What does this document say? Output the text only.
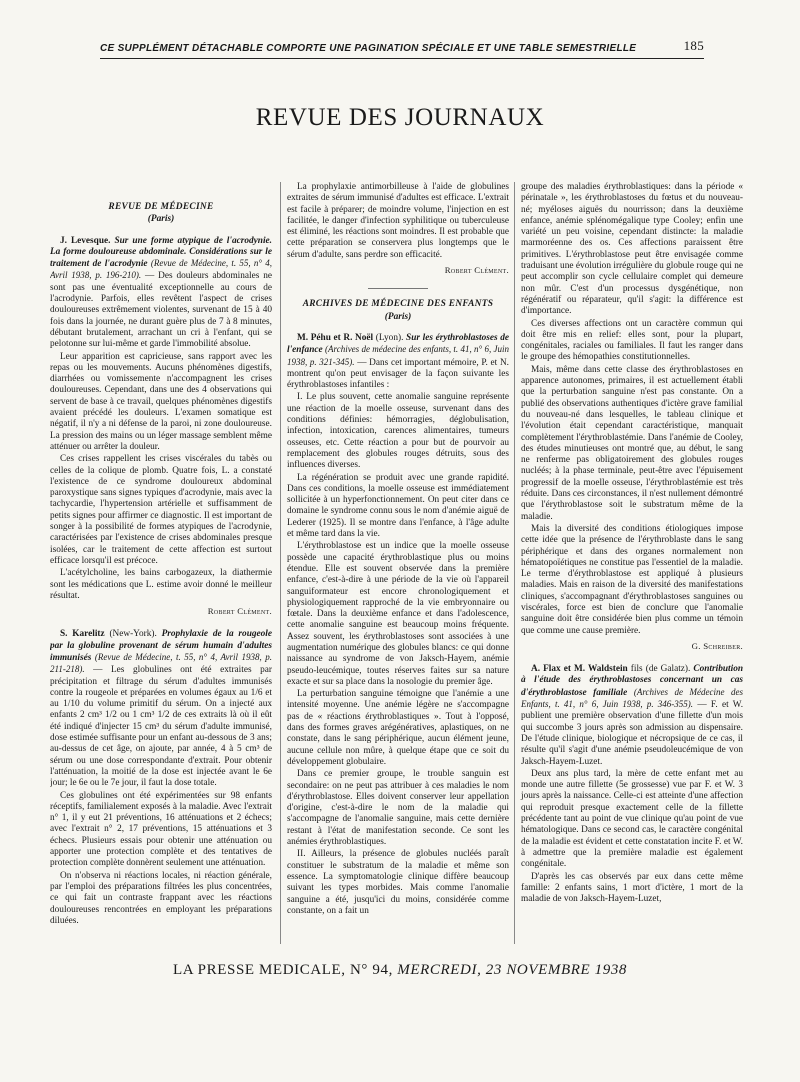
CE SUPPLÉMENT DÉTACHABLE COMPORTE UNE PAGINATION SPÉCIALE ET UNE TABLE SEMESTRIELLE	185
REVUE DES JOURNAUX
REVUE DE MÉDECINE
(Paris)

J. Levesque. Sur une forme atypique de l'acrodynie. La forme douloureuse abdominale. Considérations sur le traitement de l'acrodynie (Revue de Médecine, t. 55, n° 4, Avril 1938, p. 196-210). — Des douleurs abdominales ne sont pas une éventualité exceptionnelle au cours de l'acrodynie. Parfois, elles revêtent l'aspect de crises douloureuses extrêmement violentes, survenant de 15 à 40 fois dans la journée, ne durant guère plus de 7 à 8 minutes, débutant brutalement, arrachant un cri à l'enfant, qui se pelotonne sur lui-même et garde l'immobilité absolue.

Leur apparition est capricieuse, sans rapport avec les repas ou les mouvements. Aucuns phénomènes digestifs, diarrhées ou vomissemente n'accompagnent les crises douloureuses. Cependant, dans une des 4 observations qui servent de base à ce travail, quelques phénomènes digestifs avaient précédé les douleurs. L'examen somatique est négatif, il n'y a ni défense de la paroi, ni zone douloureuse. La pression des mains ou un léger massage semblent même atténuer ou arrêter la douleur.

Ces crises rappellent les crises viscérales du tabès ou celles de la colique de plomb. Quatre fois, L. a constaté l'existence de ce syndrome douloureux abdominal paroxystique sans signes typiques d'acrodynie, mais avec la tachycardie, l'hypertension artérielle et suffisamment de petits signes pour affirmer ce diagnostic. Il est important de songer à la possibilité de formes atypiques de l'acrodynie, caractérisées par l'existence de crises abdominales presque isolées, car le traitement de cette affection est surtout efficace lorsqu'il est précoce.

L'acétylcholine, les bains carbogazeux, la diathermie sont les médications que L. estime avoir donné le meilleur résultat.

Robert Clément.

S. Karelitz (New-York). Prophylaxie de la rougeole par la globuline provenant de sérum humain d'adultes immunisés (Revue de Médecine, t. 55, n° 4, Avril 1938, p. 211-218). — Les globulines ont été extraites par précipitation et filtrage du sérum d'adultes immunisés contre la rougeole et préparées en volumes égaux au 1/6 et au 1/10 du volume primitif du sérum. On a injecté aux enfants 2 cm³ 1/2 ou 1 cm³ 1/2 de ces extraits là où il eût été indiqué d'injecter 15 cm³ du sérum d'adulte immunisé, dose estimée suffisante pour un enfant au-dessous de 3 ans; au-dessus de cet âge, on ajoute, par année, 4 à 5 cm³ de sérum ou une dose correspondante d'extrait. Pour obtenir l'atténuation, la moitié de la dose est injectée avant le 6e jour; le 6e ou le 7e jour, il faut la dose totale.

Ces globulines ont été expérimentées sur 98 enfants réceptifs, familialement exposés à la maladie. Avec l'extrait n° 1, il y eut 21 préventions, 16 atténuations et 2 échecs; avec l'extrait n° 2, 17 préventions, 15 atténuations et 3 échecs. Plusieurs essais pour obtenir une atténuation ou apporter une protection complète et des tentatives de protection complète donnèrent seulement une atténuation.

On n'observa ni réactions locales, ni réaction générale, par l'emploi des préparations filtrées les plus concentrées, ce qui fait un contraste frappant avec les réactions douloureuses rencontrées en employant les préparations diluées.

La prophylaxie antimorbilleuse à l'aide de globulines extraites de sérum immunisé d'adultes est efficace. L'extrait est facile à préparer; de moindre volume, l'injection en est facilitée, le danger d'infection syphilitique ou tuberculeuse est éliminé, les réactions sont moindres. Il est probable que cette préparation se conservera plus longtemps que le sérum d'adulte, sans perdre son efficacité.

Robert Clément.
ARCHIVES DE MÉDECINE DES ENFANTS
(Paris)

M. Péhu et R. Noël (Lyon). Sur les érythroblastoses de l'enfance (Archives de médecine des enfants, t. 41, n° 6, Juin 1938, p. 321-345). — Dans cet important mémoire, P. et N. montrent qu'on peut envisager de la façon suivante les érythroblastoses infantiles :

I. Le plus souvent, cette anomalie sanguine représente une réaction de la moelle osseuse, survenant dans des conditions définies: hémorragies, déglobulisation, infection, intoxication, carences alimentaires, tumeurs osseuses, etc. Cette réaction a pour but de pourvoir au remplacement des globules rouges détruits, sous des influences diverses.

La régénération se produit avec une grande rapidité. Dans ces conditions, la moelle osseuse est immédiatement sollicitée à un hyperfonctionnement. On peut citer dans ce domaine le syndrome connu sous le nom d'anémie aiguë de Lederer (1925). Il se montre dans l'enfance, à l'âge adulte et même tard dans la vie.

L'érythroblastose est un indice que la moelle osseuse possède une capacité érythroblastique plus ou moins étendue. Elle est souvent observée dans la première enfance, c'est-à-dire à une période de la vie où l'appareil sanguiformateur est encore chronologiquement et physiologiquement rapproché de la vie embryonnaire ou fœtale. Dans la deuxième enfance et dans l'adolescence, cette anomalie sanguine est beaucoup moins fréquente. Assez souvent, les érythroblastoses sont associées à une augmentation numérique des globules blancs: ce qui donne naissance au syndrome de von Jaksch-Hayem, anémie pseudo-leucémique, toutes réserves faites sur sa nature exacte et sur sa place dans la nosologie du premier âge.

La perturbation sanguine témoigne que l'anémie a une intensité moyenne. Une anémie légère ne s'accompagne pas de « réactions érythroblastiques ». Tout à l'opposé, dans des formes graves arégénératives, aplastiques, on ne constate, dans le sang périphérique, aucun élément jeune, aucune cellule non mûre, à quelque étape que ce soit du développement globulaire.

Dans ce premier groupe, le trouble sanguin est secondaire: on ne peut pas attribuer à ces maladies le nom d'érythroblastose. Elles doivent conserver leur appellation d'origine, c'est-à-dire le nom de la maladie qui s'accompagne de l'anomalie sanguine, mais cette dernière restant à l'état de manifestation seconde. Ce sont les anémies érythroblastiques.

II. Ailleurs, la présence de globules nucléés paraît constituer le substratum de la maladie et même son essence. La symptomatologie clinique diffère beaucoup suivant les types morbides. Mais comme l'anomalie sanguine a été, jusqu'ici du moins, considérée comme constante, on a fait un

groupe des maladies érythroblastiques: dans la période « périnatale », les érythroblastoses du fœtus et du nouveau-né; myéloses aiguës du nourrisson; dans la deuxième enfance, anémie splénomégalique type Cooley; enfin une variété un peu voisine, cependant distincte: la maladie marmoréenne des os. Ces affections paraissent être primitives. L'érythroblastose peut être envisagée comme traduisant une évolution irrégulière du globule rouge qui ne peut accomplir son cycle cellulaire complet qui demeure non mûr. C'est d'un processus dysgénétique, non régénératif ou réparateur, qu'il s'agit: la différence est d'importance.

Ces diverses affections ont un caractère commun qui doit être mis en relief: elles sont, pour la plupart, congénitales, raciales ou familiales. Il faut les ranger dans le groupe des hémopathies constitutionnelles.

Mais, même dans cette classe des érythroblastoses en apparence autonomes, primaires, il est actuellement établi que la perturbation sanguine n'est pas constante. On a publié des observations authentiques d'ictère grave familial du nouveau-né dans lesquelles, le tableau clinique et l'évolution était cependant caractéristique, manquait complètement l'érythroblastémie. Dans l'anémie de Cooley, des études minutieuses ont montré que, au début, le sang ne renferme pas obligatoirement des globules rouges nucléés; à la phase terminale, peut-être avec l'épuisement progressif de la moelle osseuse, l'érythroblastémie est très réduite. Dans ces circonstances, il n'est nullement démontré que l'érythroblastose soit le substratum même de la maladie.

Mais la diversité des conditions étiologiques impose cette idée que la présence de l'érythroblaste dans le sang périphérique et dans des organes normalement non hématopoïétiques ne constitue pas l'essentiel de la maladie. Le terme d'érythroblastose est appliqué à plusieurs maladies. Mais en raison de la diversité des manifestations cliniques, s'accompagnant d'érythroblastoses sanguines ou viscérales, force est bien de conclure que l'anomalie sanguine doit être considérée bien plus comme un témoin que comme une cause première.

G. Schreiber.

A. Flax et M. Waldstein fils (de Galatz). Contribution à l'étude des érythroblastoses concernant un cas d'érythroblastose familiale (Archives de Médecine des Enfants, t. 41, n° 6, Juin 1938, p. 346-355). — F. et W. publient une première observation d'une fillette d'un mois qui succombe 3 jours après son admission au dispensaire. De l'étude clinique, biologique et nécropsique de ce cas, il résulte qu'il s'agit d'une anémie pseudoleucémique de von Jaksch-Hayem-Luzet.

Deux ans plus tard, la mère de cette enfant met au monde une autre fillette (5e grossesse) vue par F. et W. 3 jours après la naissance. Celle-ci est atteinte d'une affection qui reproduit presque exactement celle de la fillette précédente tant au point de vue clinique qu'au point de vue hématologique. Dans ce second cas, le caractère congénital de la maladie est évident et cette constatation incite F. et W. à admettre que la première maladie est également congénitale.

D'après les cas observés par eux dans cette même famille: 2 enfants sains, 1 mort d'ictère, 1 mort de la maladie de von Jaksch-Hayem-Luzet,

LA PRESSE MEDICALE, N° 94, MERCREDI, 23 NOVEMBRE 1938
